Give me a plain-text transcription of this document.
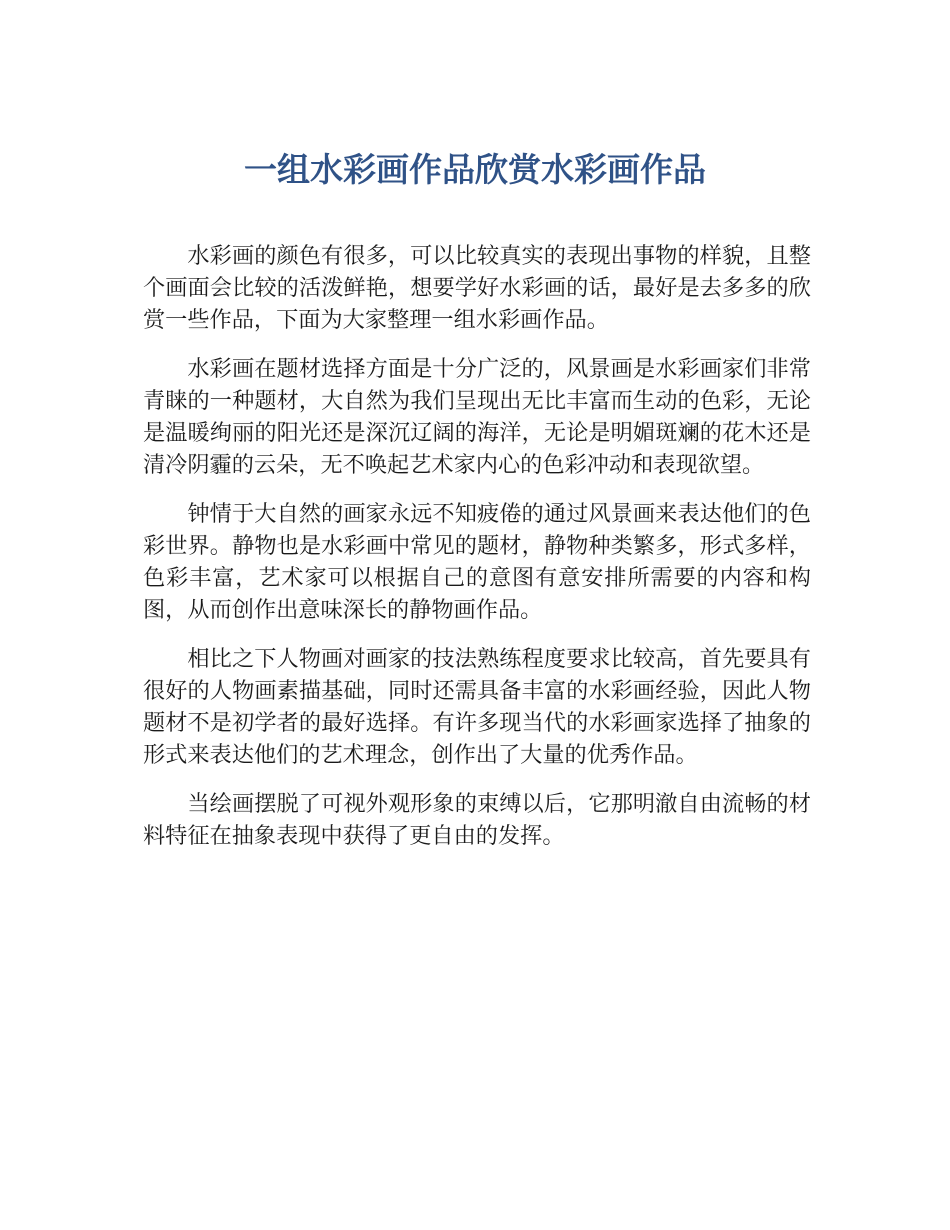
一组水彩画作品欣赏水彩画作品

水彩画的颜色有很多，可以比较真实的表现出事物的样貌，且整个画面会比较的活泼鲜艳，想要学好水彩画的话，最好是去多多的欣赏一些作品，下面为大家整理一组水彩画作品。

水彩画在题材选择方面是十分广泛的，风景画是水彩画家们非常青睐的一种题材，大自然为我们呈现出无比丰富而生动的色彩，无论是温暖绚丽的阳光还是深沉辽阔的海洋，无论是明媚斑斓的花木还是清冷阴霾的云朵，无不唤起艺术家内心的色彩冲动和表现欲望。

钟情于大自然的画家永远不知疲倦的通过风景画来表达他们的色彩世界。静物也是水彩画中常见的题材，静物种类繁多，形式多样，色彩丰富，艺术家可以根据自己的意图有意安排所需要的内容和构图，从而创作出意味深长的静物画作品。

相比之下人物画对画家的技法熟练程度要求比较高，首先要具有很好的人物画素描基础，同时还需具备丰富的水彩画经验，因此人物题材不是初学者的最好选择。有许多现当代的水彩画家选择了抽象的形式来表达他们的艺术理念，创作出了大量的优秀作品。

当绘画摆脱了可视外观形象的束缚以后，它那明澈自由流畅的材料特征在抽象表现中获得了更自由的发挥。
